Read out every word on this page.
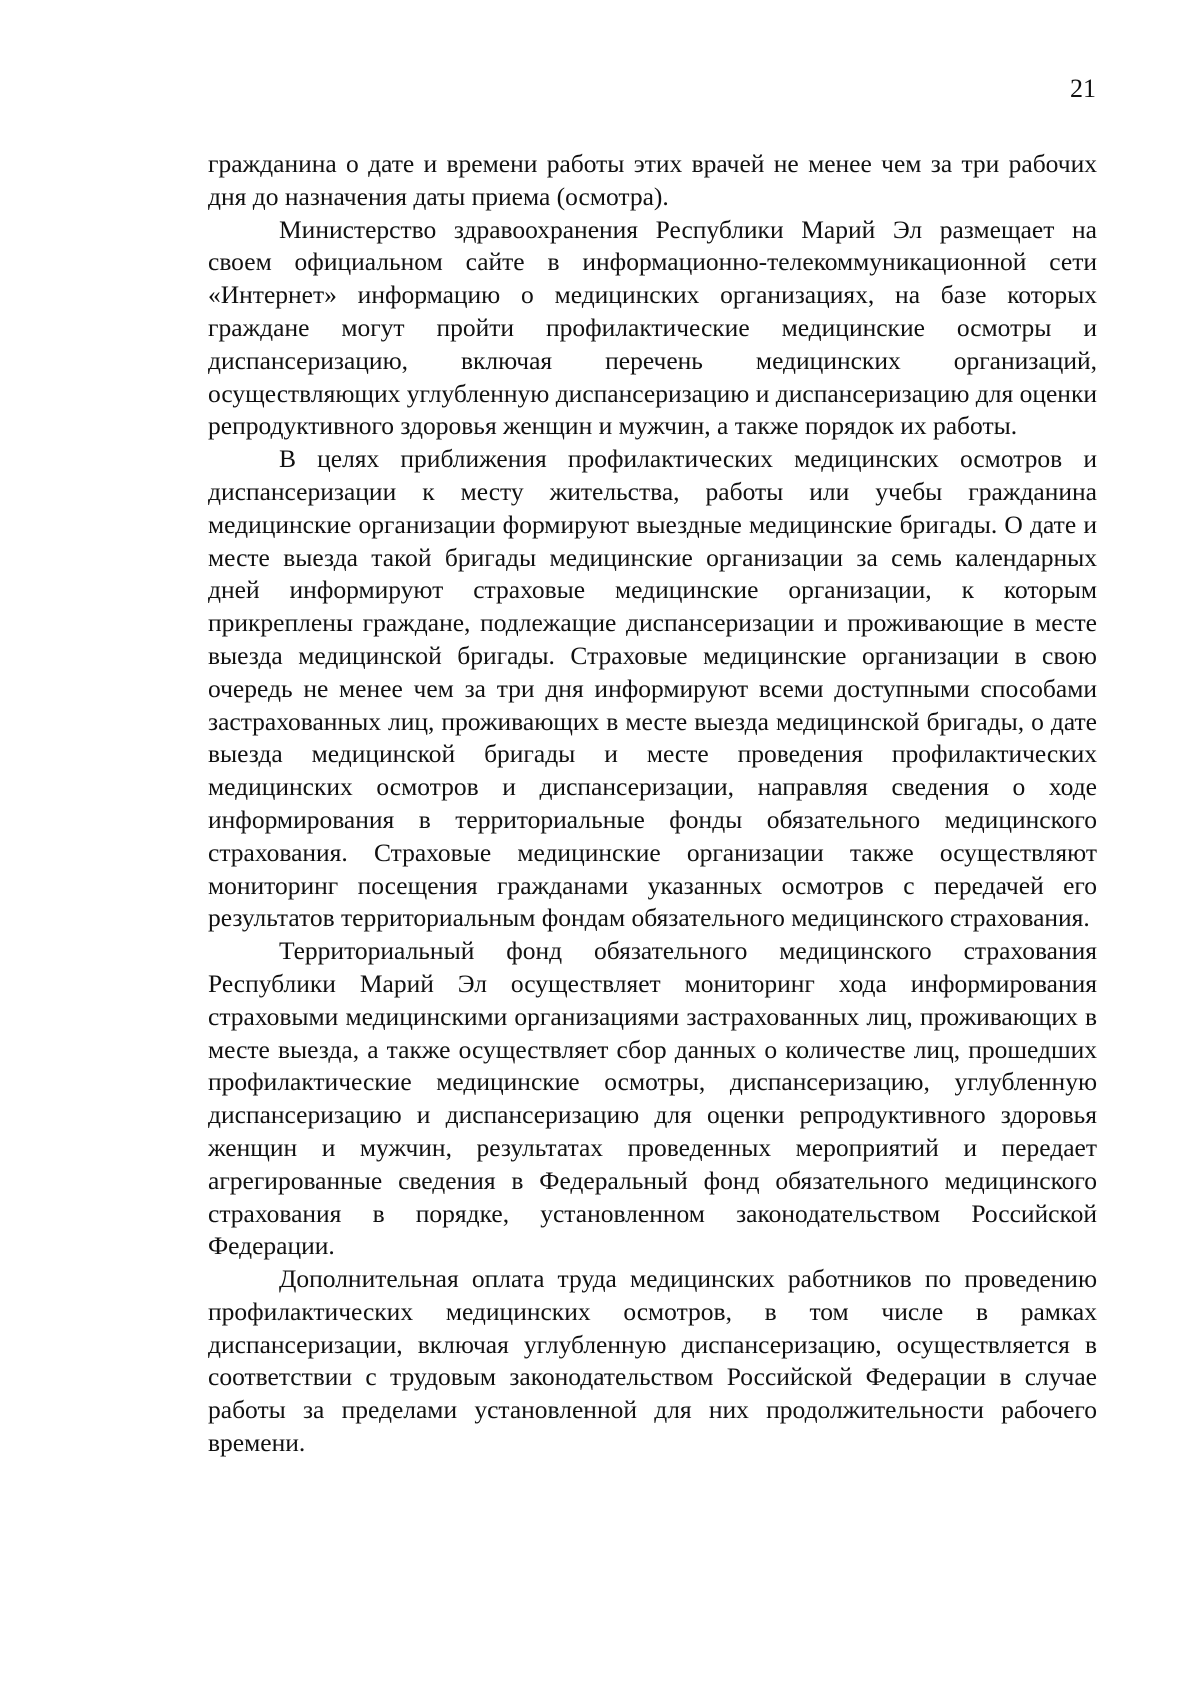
21

гражданина о дате и времени работы этих врачей не менее чем за три рабочих дня до назначения даты приема (осмотра).

Министерство здравоохранения Республики Марий Эл размещает на своем официальном сайте в информационно-телекоммуникационной сети «Интернет» информацию о медицинских организациях, на базе которых граждане могут пройти профилактические медицинские осмотры и диспансеризацию, включая перечень медицинских организаций, осуществляющих углубленную диспансеризацию и диспансеризацию для оценки репродуктивного здоровья женщин и мужчин, а также порядок их работы.

В целях приближения профилактических медицинских осмотров и диспансеризации к месту жительства, работы или учебы гражданина медицинские организации формируют выездные медицинские бригады. О дате и месте выезда такой бригады медицинские организации за семь календарных дней информируют страховые медицинские организации, к которым прикреплены граждане, подлежащие диспансеризации и проживающие в месте выезда медицинской бригады. Страховые медицинские организации в свою очередь не менее чем за три дня информируют всеми доступными способами застрахованных лиц, проживающих в месте выезда медицинской бригады, о дате выезда медицинской бригады и месте проведения профилактических медицинских осмотров и диспансеризации, направляя сведения о ходе информирования в территориальные фонды обязательного медицинского страхования. Страховые медицинские организации также осуществляют мониторинг посещения гражданами указанных осмотров с передачей его результатов территориальным фондам обязательного медицинского страхования.

Территориальный фонд обязательного медицинского страхования Республики Марий Эл осуществляет мониторинг хода информирования страховыми медицинскими организациями застрахованных лиц, проживающих в месте выезда, а также осуществляет сбор данных о количестве лиц, прошедших профилактические медицинские осмотры, диспансеризацию, углубленную диспансеризацию и диспансеризацию для оценки репродуктивного здоровья женщин и мужчин, результатах проведенных мероприятий и передает агрегированные сведения в Федеральный фонд обязательного медицинского страхования в порядке, установленном законодательством Российской Федерации.

Дополнительная оплата труда медицинских работников по проведению профилактических медицинских осмотров, в том числе в рамках диспансеризации, включая углубленную диспансеризацию, осуществляется в соответствии с трудовым законодательством Российской Федерации в случае работы за пределами установленной для них продолжительности рабочего времени.
